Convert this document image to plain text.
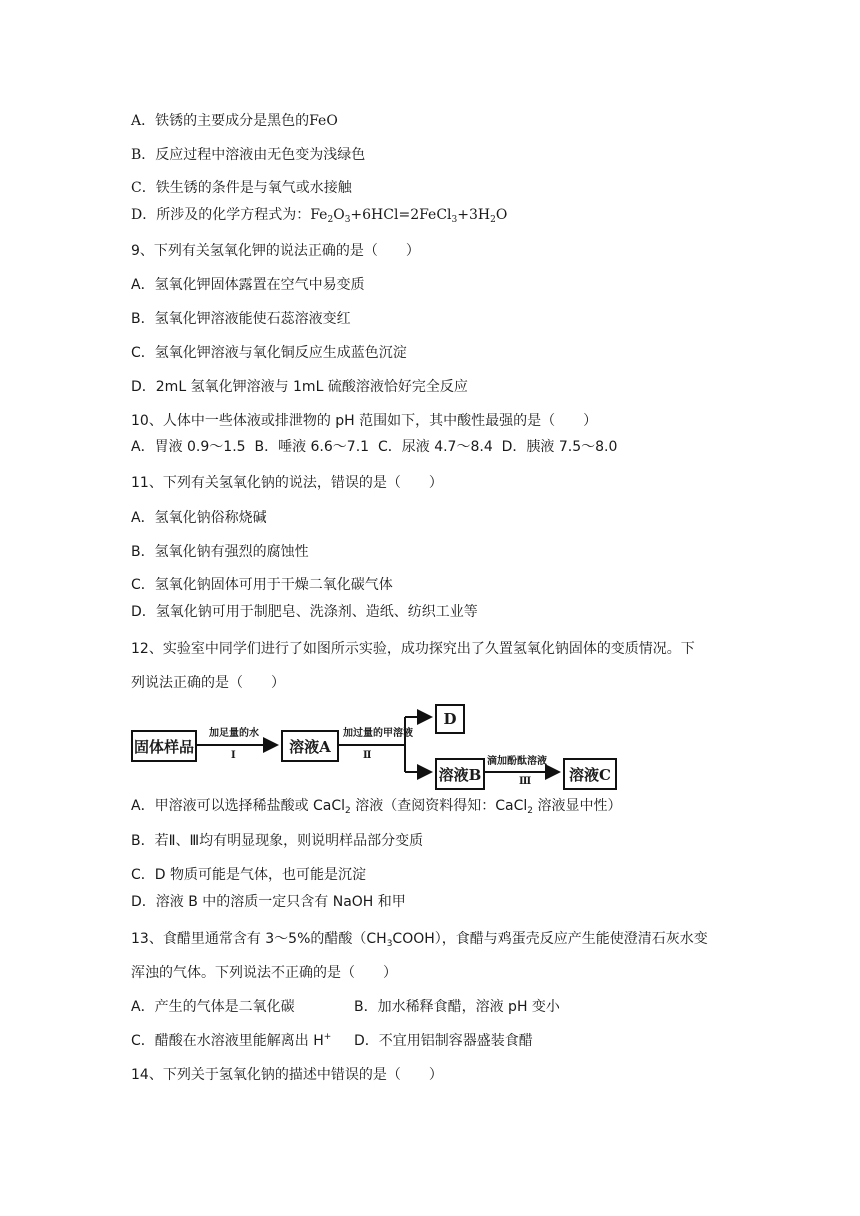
A．铁锈的主要成分是黑色的FeO
B．反应过程中溶液由无色变为浅绿色
C．铁生锈的条件是与氧气或水接触
D．所涉及的化学方程式为：$Fe_2O_3+6HCl=2FeCl_3+3H_2O$
9、下列有关氢氧化钾的说法正确的是（　　）
A．氢氧化钾固体露置在空气中易变质
B．氢氧化钾溶液能使石蕊溶液变红
C．氢氧化钾溶液与氧化铜反应生成蓝色沉淀
D．2mL 氢氧化钾溶液与 1mL 硫酸溶液恰好完全反应
10、人体中一些体液或排泄物的 pH 范围如下，其中酸性最强的是（　　）
A．胃液 0.9～1.5 B．唾液 6.6～7.1 C．尿液 4.7～8.4 D．胰液 7.5～8.0
11、下列有关氢氧化钠的说法，错误的是（　　）
A．氢氧化钠俗称烧碱
B．氢氧化钠有强烈的腐蚀性
C．氢氧化钠固体可用于干燥二氧化碳气体
D．氢氧化钠可用于制肥皂、洗涤剂、造纸、纺织工业等
12、实验室中同学们进行了如图所示实验，成功探究出了久置氢氧化钠固体的变质情况。下
列说法正确的是（　　）
固体样品
加足量的水
Ⅰ	溶液A
加过量的甲溶液
Ⅱ
D
溶液B
滴加酚酞溶液
Ⅲ	溶液C
A．甲溶液可以选择稀盐酸或 CaCl$_2$ 溶液（查阅资料得知：CaCl$_2$ 溶液显中性）
B．若Ⅱ、Ⅲ均有明显现象，则说明样品部分变质
C．D 物质可能是气体，也可能是沉淀
D．溶液 B 中的溶质一定只含有 NaOH 和甲
13、食醋里通常含有 3～5%的醋酸$(CH_3COOH)$，食醋与鸡蛋壳反应产生能使澄清石灰水变
浑浊的气体。下列说法不正确的是（　　）
A．产生的气体是二氧化碳	B．加水稀释食醋，溶液 pH 变小
C．醋酸在水溶液里能解离出 H+ D．不宜用铝制容器盛装食醋
14、下列关于氢氧化钠的描述中错误的是（　　）
